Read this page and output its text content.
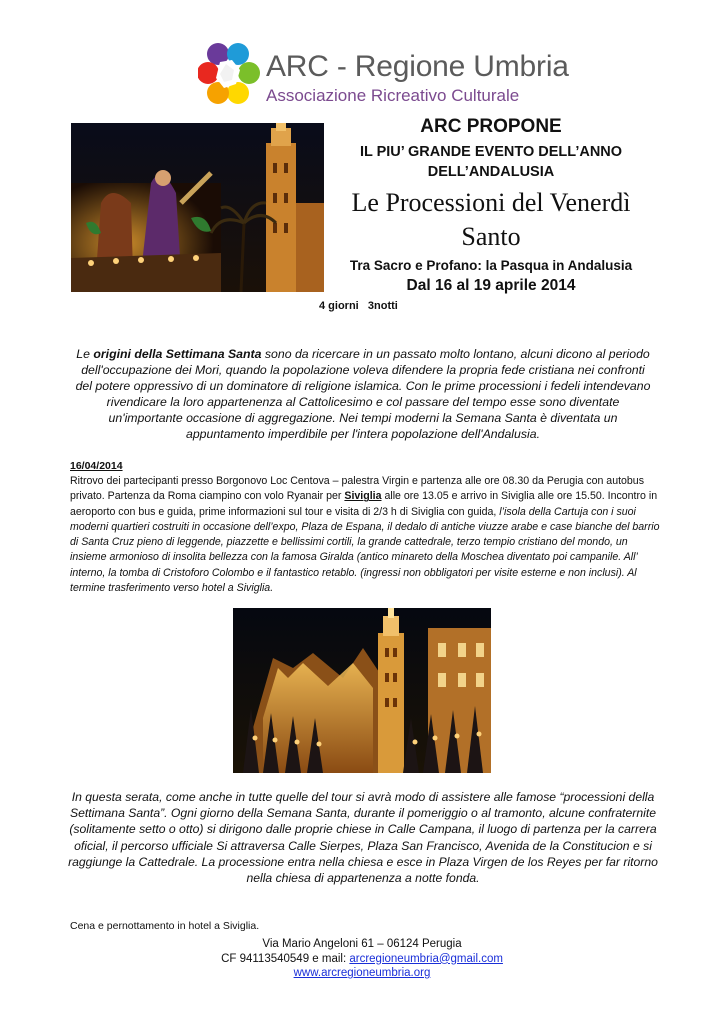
ARC - Regione Umbria
Associazione Ricreativo Culturale
ARC PROPONE
IL PIU’ GRANDE EVENTO DELL’ANNO DELL’ANDALUSIA
Le Processioni del Venerdì Santo
Tra Sacro e Profano: la Pasqua in Andalusia
Dal 16 al 19 aprile 2014
4 giorni   3notti
Le origini della Settimana Santa sono da ricercare in un passato molto lontano, alcuni dicono al periodo dell'occupazione dei Mori, quando la popolazione voleva difendere la propria fede cristiana nei confronti del potere oppressivo di un dominatore di religione islamica. Con le prime processioni i fedeli intendevano rivendicare la loro appartenenza al Cattolicesimo e col passare del tempo esse sono diventate un'importante occasione di aggregazione. Nei tempi moderni la Semana Santa è diventata un appuntamento imperdibile per l'intera popolazione dell'Andalusia.
16/04/2014
Ritrovo dei partecipanti presso Borgonovo Loc Centova – palestra Virgin e partenza alle ore 08.30 da Perugia con autobus privato. Partenza da Roma ciampino con volo Ryanair per Siviglia alle ore 13.05 e arrivo in Siviglia alle ore 15.50. Incontro in aeroporto con bus e guida, prime informazioni sul tour e visita di 2/3 h di Siviglia con guida, l’isola della Cartuja con i suoi moderni quartieri costruiti in occasione dell’expo, Plaza de Espana, il dedalo di antiche viuzze arabe e case bianche del barrio di Santa Cruz pieno di leggende, piazzette e bellissimi cortili, la grande cattedrale, terzo tempio cristiano del mondo, un insieme armonioso di insolita bellezza con la famosa Giralda (antico minareto della Moschea diventato poi campanile. All’ interno, la tomba di Cristoforo Colombo e il fantastico retablo. (ingressi non obbligatori per visite esterne e non inclusi). Al termine trasferimento verso hotel a Siviglia.
In questa serata, come anche in tutte quelle del tour si avrà modo di assistere alle famose “processioni della Settimana Santa”. Ogni giorno della Semana Santa, durante il pomeriggio o al tramonto, alcune confraternite (solitamente setto o otto) si dirigono dalle proprie chiese in Calle Campana, il luogo di partenza per la carrera oficial, il percorso ufficiale Si attraversa Calle Sierpes, Plaza San Francisco, Avenida de la Constitucion e si raggiunge la Cattedrale. La processione entra nella chiesa e esce in Plaza Virgen de los Reyes per far ritorno nella chiesa di appartenenza a notte fonda.
Cena e pernottamento in hotel a Siviglia.
Via Mario Angeloni 61 – 06124 Perugia
CF 94113540549 e mail: arcregioneumbria@gmail.com
www.arcregioneumbria.org
